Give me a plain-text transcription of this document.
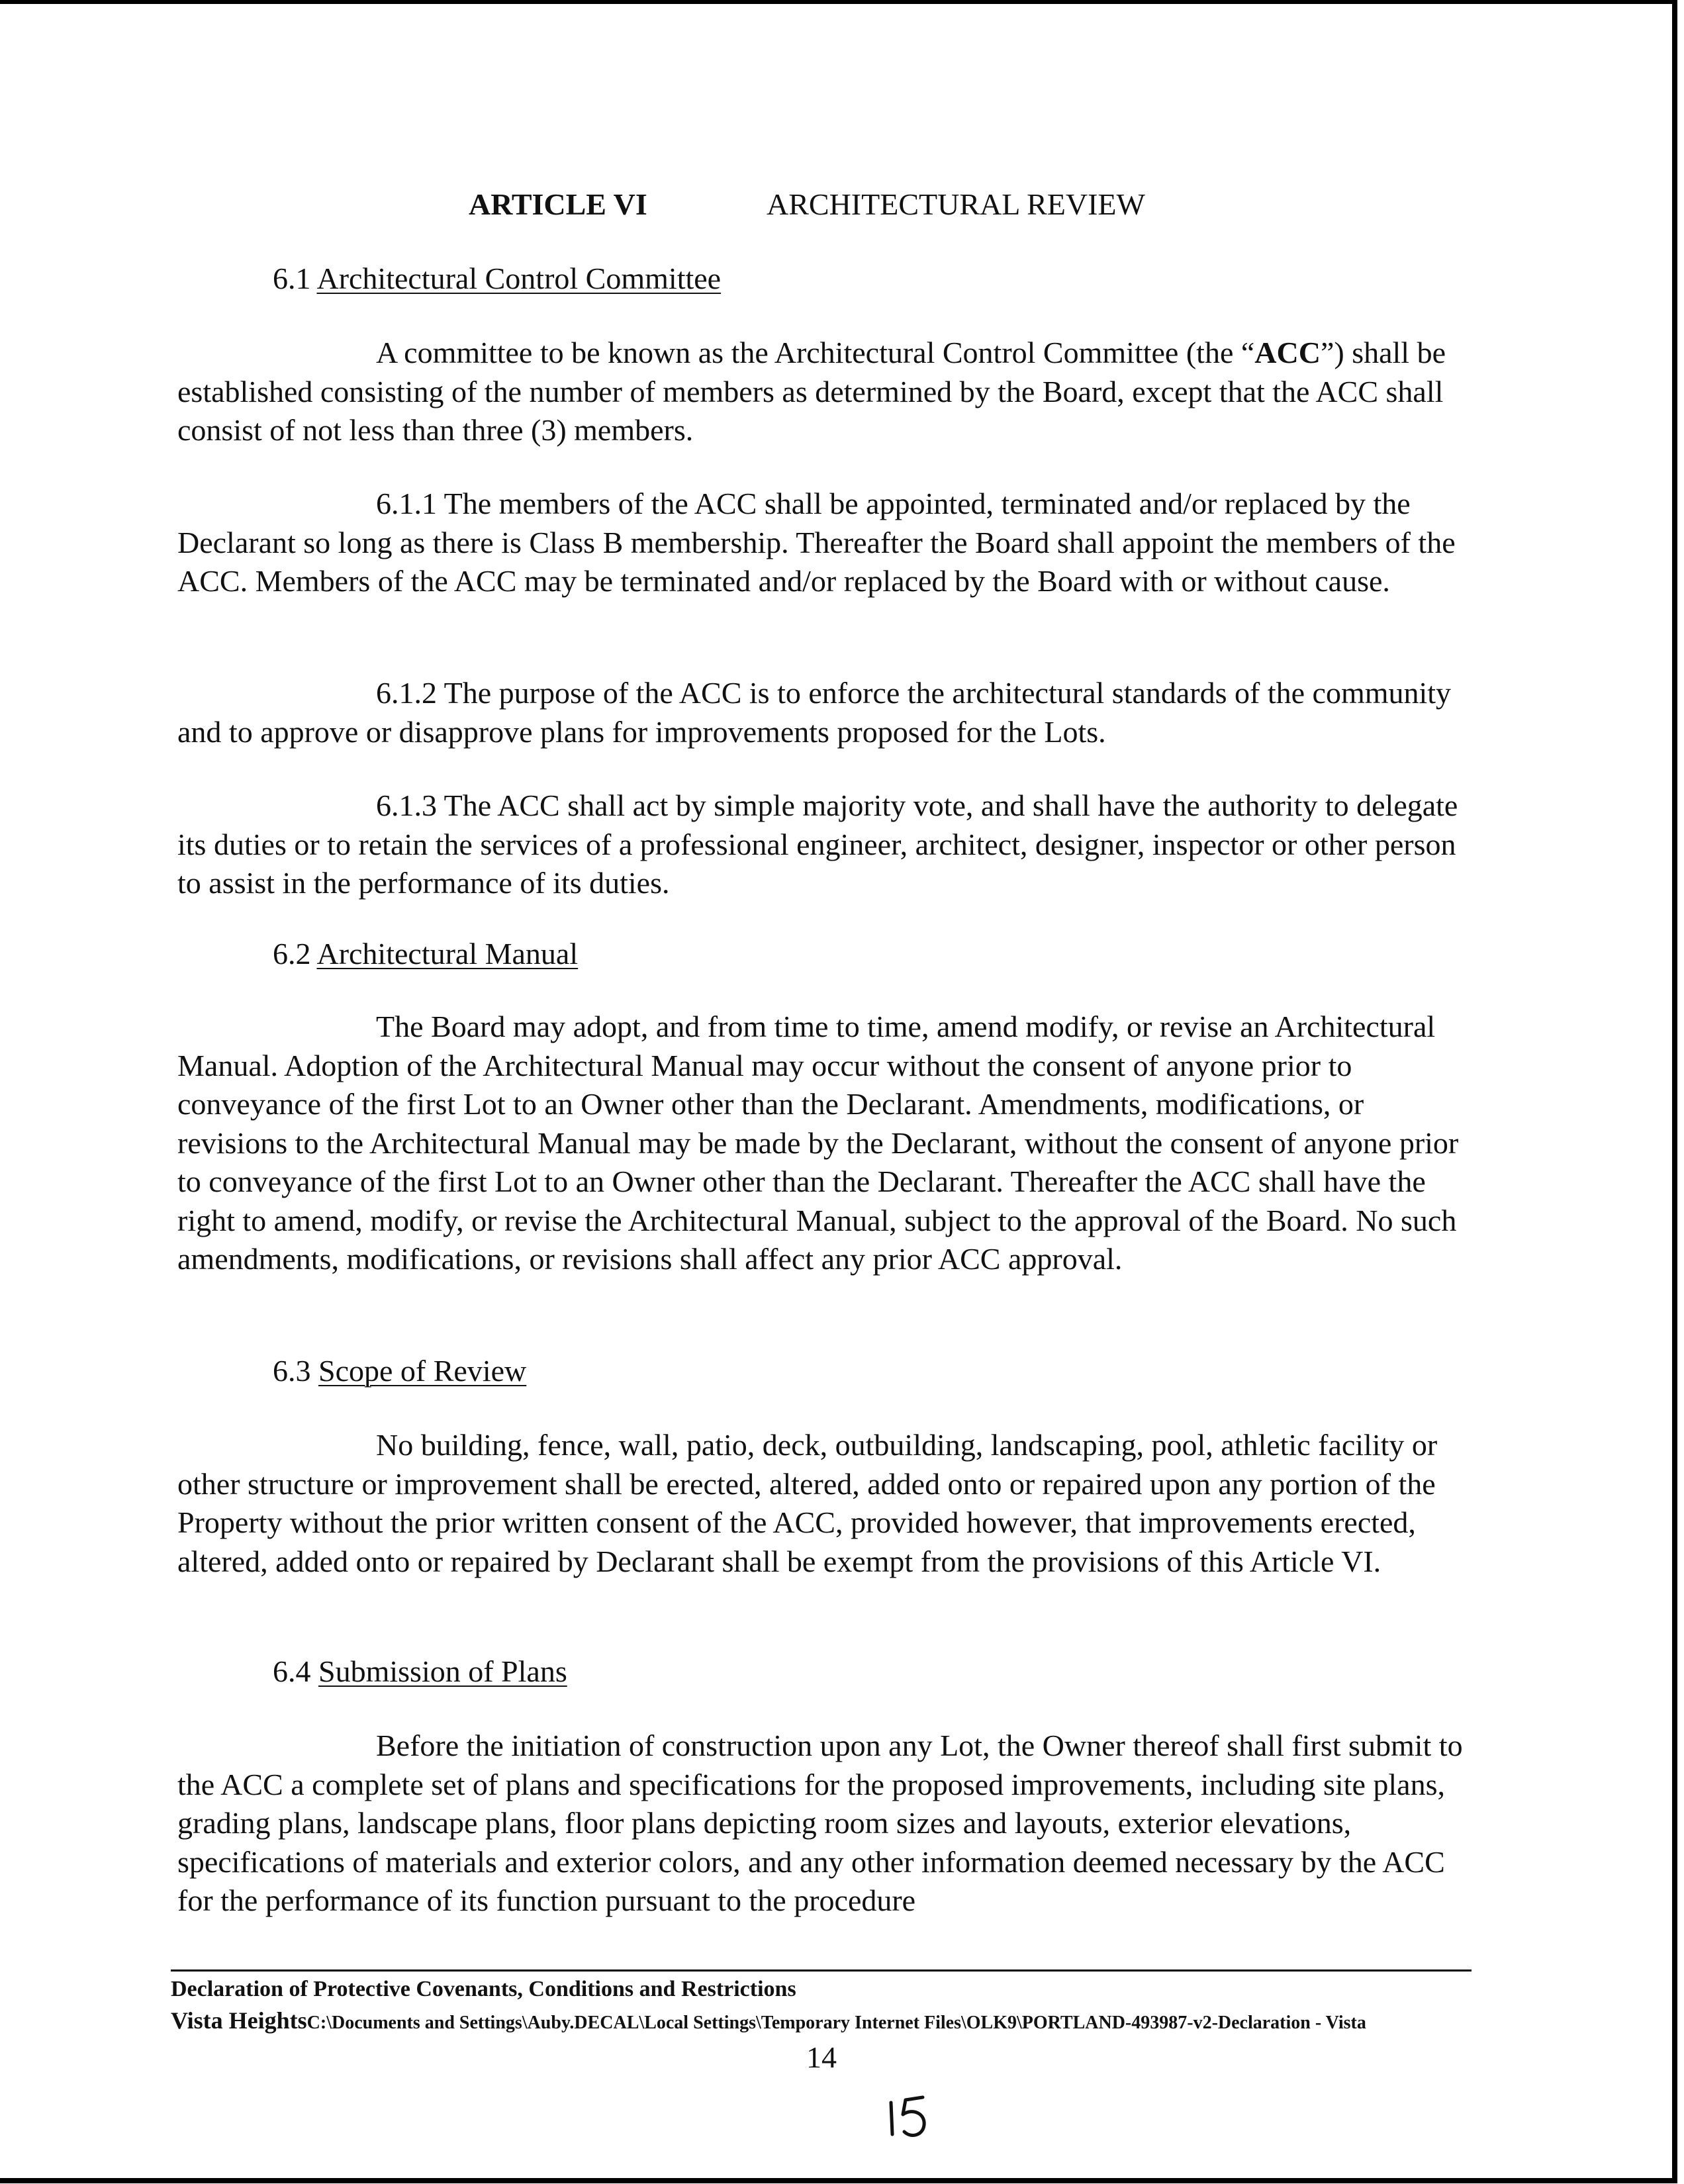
ARTICLE VI	ARCHITECTURAL REVIEW
6.1 Architectural Control Committee
A committee to be known as the Architectural Control Committee (the “ACC”) shall be established consisting of the number of members as determined by the Board, except that the ACC shall consist of not less than three (3) members.
6.1.1 The members of the ACC shall be appointed, terminated and/or replaced by the Declarant so long as there is Class B membership. Thereafter the Board shall appoint the members of the ACC. Members of the ACC may be terminated and/or replaced by the Board with or without cause.
6.1.2 The purpose of the ACC is to enforce the architectural standards of the community and to approve or disapprove plans for improvements proposed for the Lots.
6.1.3 The ACC shall act by simple majority vote, and shall have the authority to delegate its duties or to retain the services of a professional engineer, architect, designer, inspector or other person to assist in the performance of its duties.
6.2 Architectural Manual
The Board may adopt, and from time to time, amend modify, or revise an Architectural Manual. Adoption of the Architectural Manual may occur without the consent of anyone prior to conveyance of the first Lot to an Owner other than the Declarant. Amendments, modifications, or revisions to the Architectural Manual may be made by the Declarant, without the consent of anyone prior to conveyance of the first Lot to an Owner other than the Declarant. Thereafter the ACC shall have the right to amend, modify, or revise the Architectural Manual, subject to the approval of the Board. No such amendments, modifications, or revisions shall affect any prior ACC approval.
6.3 Scope of Review
No building, fence, wall, patio, deck, outbuilding, landscaping, pool, athletic facility or other structure or improvement shall be erected, altered, added onto or repaired upon any portion of the Property without the prior written consent of the ACC, provided however, that improvements erected, altered, added onto or repaired by Declarant shall be exempt from the provisions of this Article VI.
6.4 Submission of Plans
Before the initiation of construction upon any Lot, the Owner thereof shall first submit to the ACC a complete set of plans and specifications for the proposed improvements, including site plans, grading plans, landscape plans, floor plans depicting room sizes and layouts, exterior elevations, specifications of materials and exterior colors, and any other information deemed necessary by the ACC for the performance of its function pursuant to the procedure
Declaration of Protective Covenants, Conditions and Restrictions
Vista HeightsC:\Documents and Settings\Auby.DECAL\Local Settings\Temporary Internet Files\OLK9\PORTLAND-493987-v2-Declaration - Vista
14
